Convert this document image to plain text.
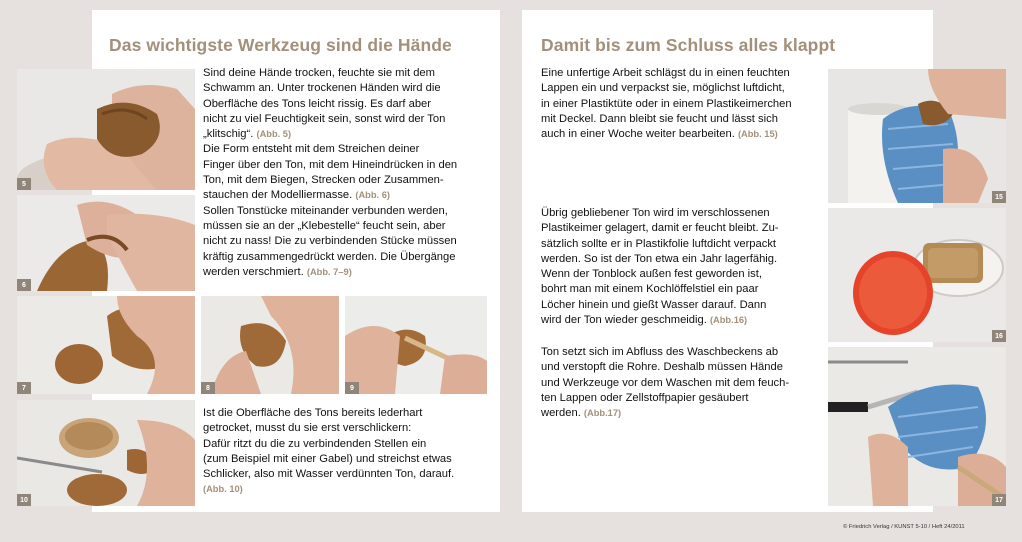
Das wichtigste Werkzeug sind die Hände
Sind deine Hände trocken, feuchte sie mit dem
Schwamm an. Unter trockenen Händen wird die
Oberfläche des Tons leicht rissig. Es darf aber
nicht zu viel Feuchtigkeit sein, sonst wird der Ton
„klitschig“. (Abb. 5)
Die Form entsteht mit dem Streichen deiner
Finger über den Ton, mit dem Hineindrücken in den
Ton, mit dem Biegen, Strecken oder Zusammen-
stauchen der Modelliermasse. (Abb. 6)
Sollen Tonstücke miteinander verbunden werden,
müssen sie an der „Klebestelle“ feucht sein, aber
nicht zu nass! Die zu verbindenden Stücke müssen
kräftig zusammengedrückt werden. Die Übergänge
werden verschmiert. (Abb. 7–9)
Ist die Oberfläche des Tons bereits lederhart
getrocket, musst du sie erst verschlickern:
Dafür ritzt du die zu verbindenden Stellen ein
(zum Beispiel mit einer Gabel) und streichst etwas
Schlicker, also mit Wasser verdünnten Ton, darauf.
(Abb. 10)
5
6
7	8	9
10
Damit bis zum Schluss alles klappt
Eine unfertige Arbeit schlägst du in einen feuchten
Lappen ein und verpackst sie, möglichst luftdicht,
in einer Plastiktüte oder in einem Plastikeimerchen
mit Deckel. Dann bleibt sie feucht und lässt sich
auch in einer Woche weiter bearbeiten. (Abb. 15)
Übrig gebliebener Ton wird im verschlossenen
Plastikeimer gelagert, damit er feucht bleibt. Zu-
sätzlich sollte er in Plastikfolie luftdicht verpackt
werden. So ist der Ton etwa ein Jahr lagerfähig.
Wenn der Tonblock außen fest geworden ist,
bohrt man mit einem Kochlöffelstiel ein paar
Löcher hinein und gießt Wasser darauf. Dann
wird der Ton wieder geschmeidig. (Abb.16)
Ton setzt sich im Abfluss des Waschbeckens ab
und verstopft die Rohre. Deshalb müssen Hände
und Werkzeuge vor dem Waschen mit dem feuch-
ten Lappen oder Zellstoffpapier gesäubert
werden. (Abb.17)
15
16
17
© Friedrich Verlag / KUNST 5-10 / Heft 24/2011
